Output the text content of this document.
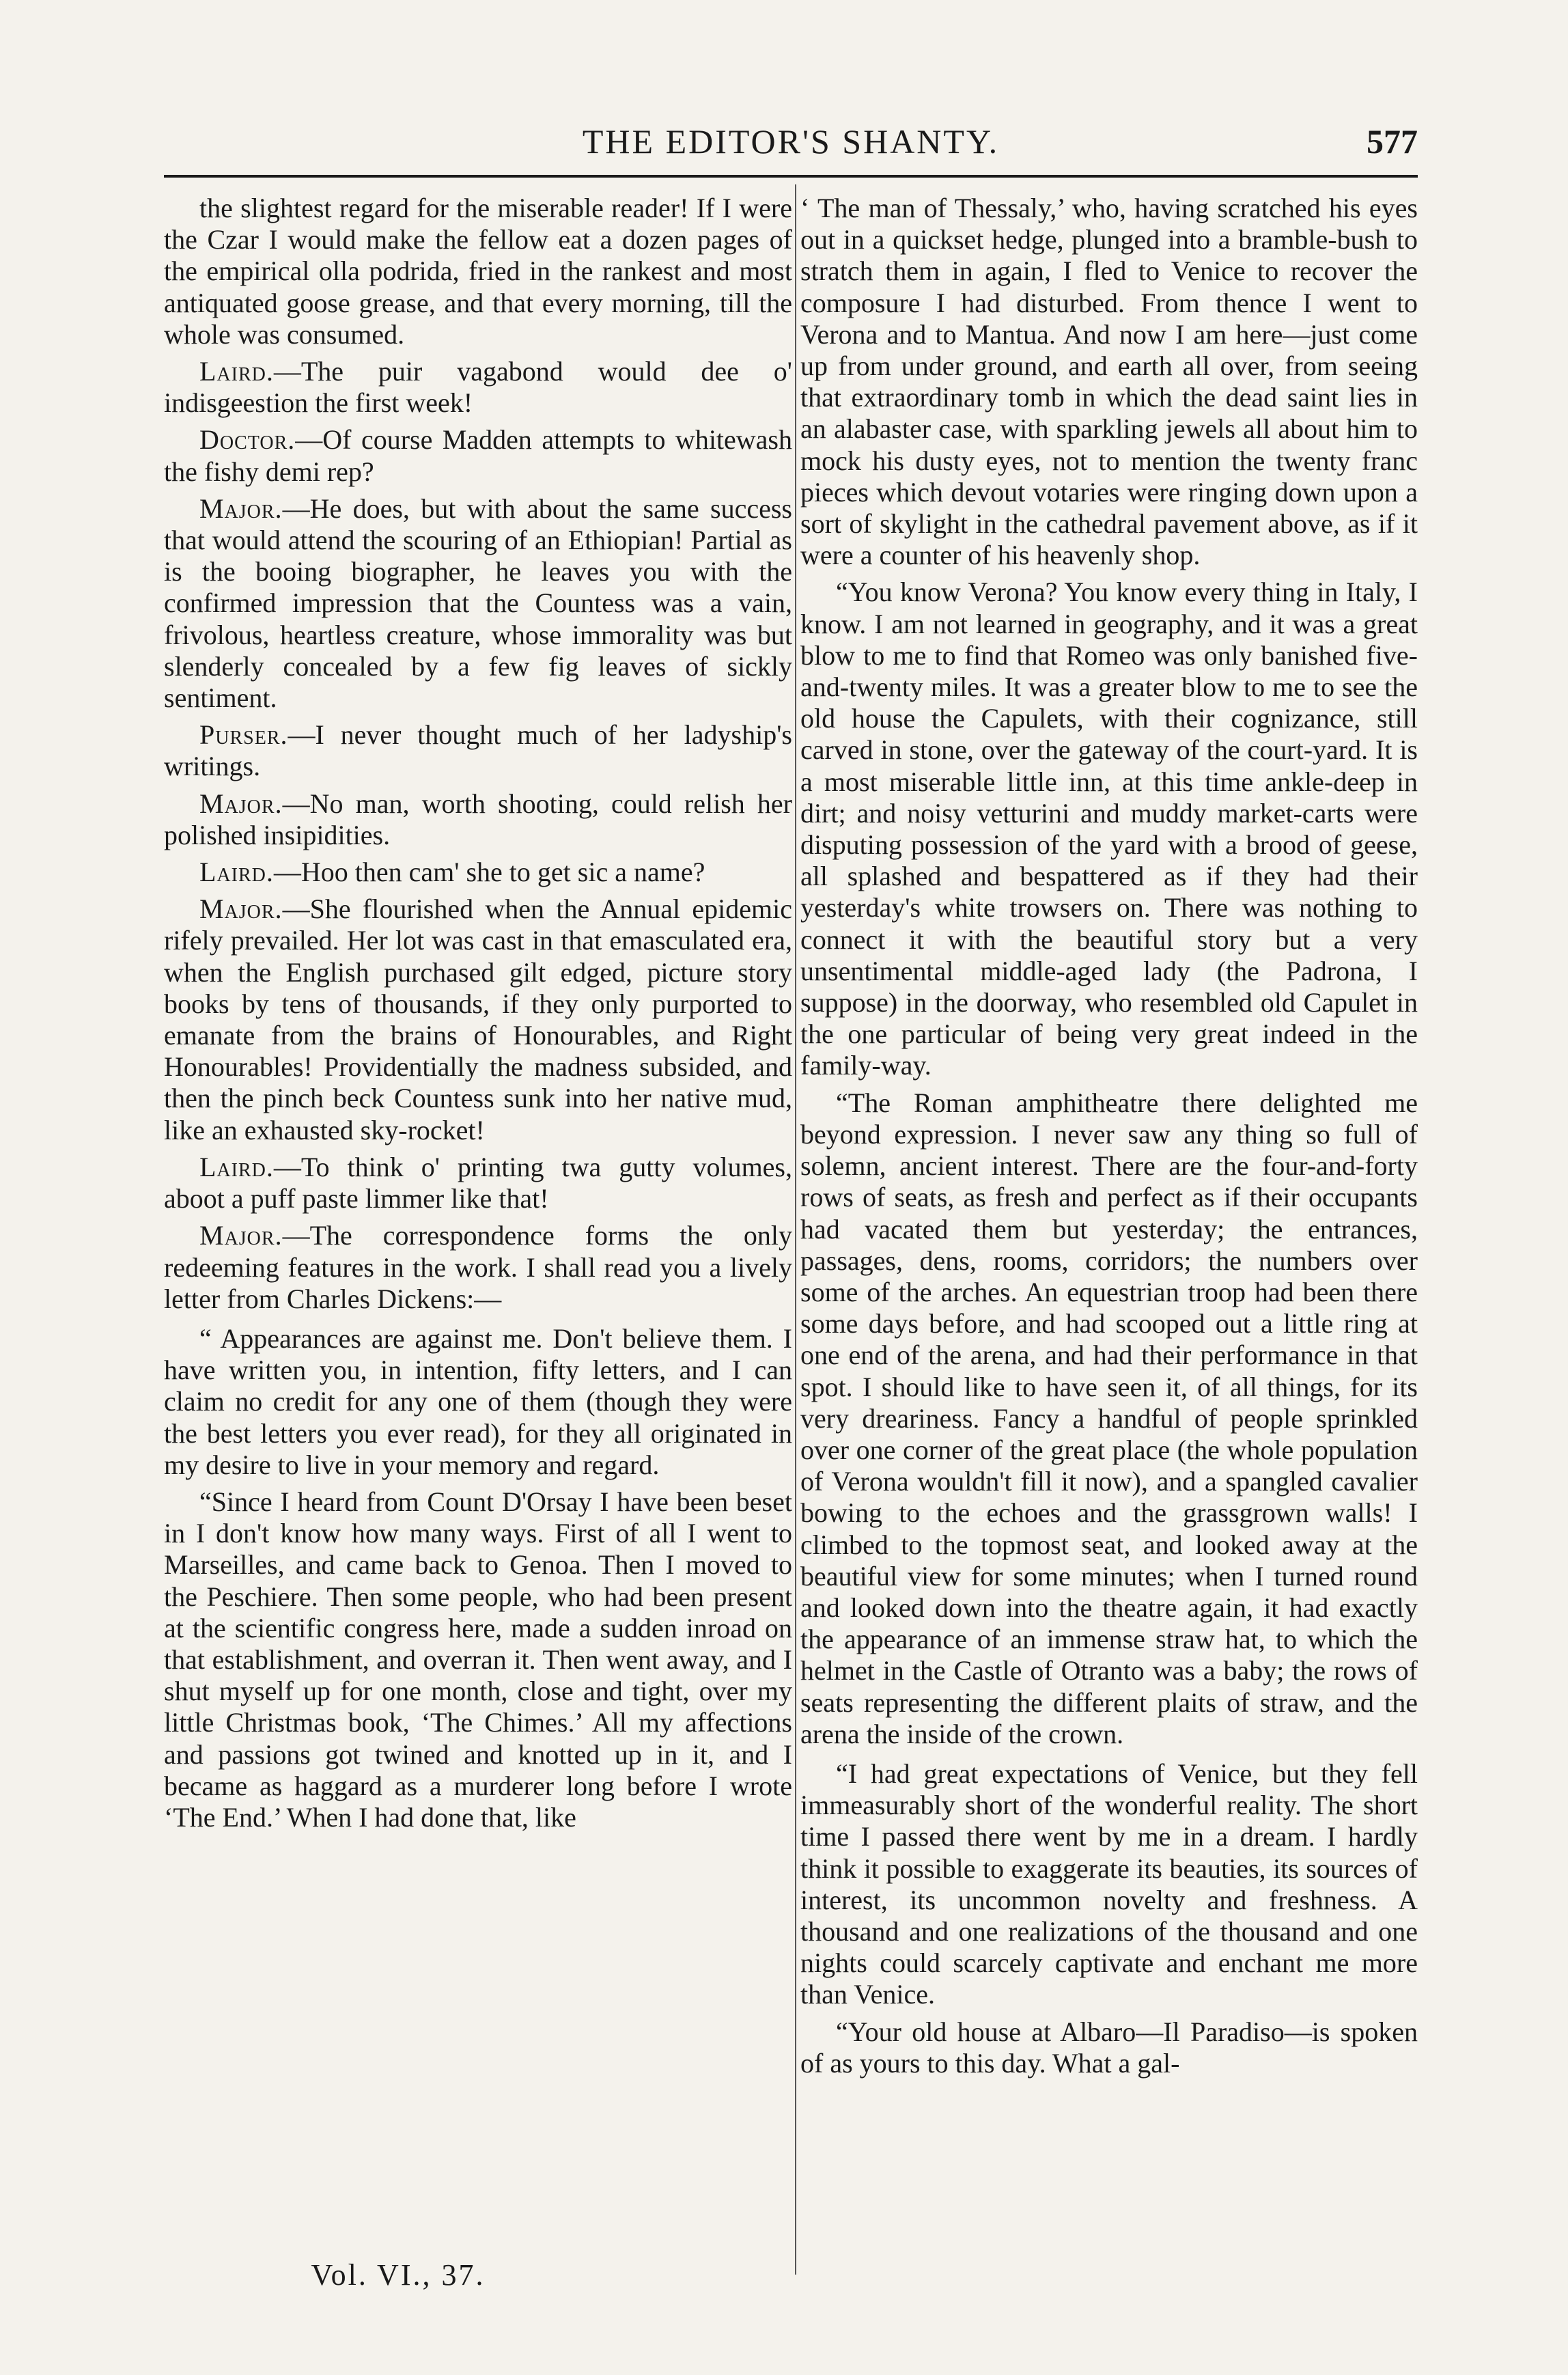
THE EDITOR'S SHANTY.	577

the slightest regard for the miserable reader! If I were the Czar I would make the fellow eat a dozen pages of the empirical olla podrida, fried in the rankest and most antiquated goose grease, and that every morning, till the whole was consumed.

Laird.—The puir vagabond would dee o' indisgeestion the first week!

Doctor.—Of course Madden attempts to whitewash the fishy demi rep?

Major.—He does, but with about the same success that would attend the scouring of an Ethiopian! Partial as is the booing biographer, he leaves you with the confirmed impression that the Countess was a vain, frivolous, heartless creature, whose immorality was but slenderly concealed by a few fig leaves of sickly sentiment.

Purser.—I never thought much of her ladyship's writings.

Major.—No man, worth shooting, could relish her polished insipidities.

Laird.—Hoo then cam' she to get sic a name?

Major.—She flourished when the Annual epidemic rifely prevailed. Her lot was cast in that emasculated era, when the English purchased gilt edged, picture story books by tens of thousands, if they only purported to emanate from the brains of Honourables, and Right Honourables! Providentially the madness subsided, and then the pinch beck Countess sunk into her native mud, like an exhausted sky-rocket!

Laird.—To think o' printing twa gutty volumes, aboot a puff paste limmer like that!

Major.—The correspondence forms the only redeeming features in the work. I shall read you a lively letter from Charles Dickens:—

“ Appearances are against me. Don't believe them. I have written you, in intention, fifty letters, and I can claim no credit for any one of them (though they were the best letters you ever read), for they all originated in my desire to live in your memory and regard.

“Since I heard from Count D'Orsay I have been beset in I don't know how many ways. First of all I went to Marseilles, and came back to Genoa. Then I moved to the Peschiere. Then some people, who had been present at the scientific congress here, made a sudden inroad on that establishment, and overran it. Then went away, and I shut myself up for one month, close and tight, over my little Christmas book, ‘The Chimes.’ All my affections and passions got twined and knotted up in it, and I became as haggard as a murderer long before I wrote ‘The End.’ When I had done that, like

‘ The man of Thessaly,’ who, having scratched his eyes out in a quickset hedge, plunged into a bramble-bush to stratch them in again, I fled to Venice to recover the composure I had disturbed. From thence I went to Verona and to Mantua. And now I am here—just come up from under ground, and earth all over, from seeing that extraordinary tomb in which the dead saint lies in an alabaster case, with sparkling jewels all about him to mock his dusty eyes, not to mention the twenty franc pieces which devout votaries were ringing down upon a sort of skylight in the cathedral pavement above, as if it were a counter of his heavenly shop.

“You know Verona? You know every thing in Italy, I know. I am not learned in geography, and it was a great blow to me to find that Romeo was only banished five-and-twenty miles. It was a greater blow to me to see the old house the Capulets, with their cognizance, still carved in stone, over the gateway of the court-yard. It is a most miserable little inn, at this time ankle-deep in dirt; and noisy vetturini and muddy market-carts were disputing possession of the yard with a brood of geese, all splashed and bespattered as if they had their yesterday's white trowsers on. There was nothing to connect it with the beautiful story but a very unsentimental middle-aged lady (the Padrona, I suppose) in the doorway, who resembled old Capulet in the one particular of being very great indeed in the family-way.

“The Roman amphitheatre there delighted me beyond expression. I never saw any thing so full of solemn, ancient interest. There are the four-and-forty rows of seats, as fresh and perfect as if their occupants had vacated them but yesterday; the entrances, passages, dens, rooms, corridors; the numbers over some of the arches. An equestrian troop had been there some days before, and had scooped out a little ring at one end of the arena, and had their performance in that spot. I should like to have seen it, of all things, for its very dreariness. Fancy a handful of people sprinkled over one corner of the great place (the whole population of Verona wouldn't fill it now), and a spangled cavalier bowing to the echoes and the grassgrown walls! I climbed to the topmost seat, and looked away at the beautiful view for some minutes; when I turned round and looked down into the theatre again, it had exactly the appearance of an immense straw hat, to which the helmet in the Castle of Otranto was a baby; the rows of seats representing the different plaits of straw, and the arena the inside of the crown.

“I had great expectations of Venice, but they fell immeasurably short of the wonderful reality. The short time I passed there went by me in a dream. I hardly think it possible to exaggerate its beauties, its sources of interest, its uncommon novelty and freshness. A thousand and one realizations of the thousand and one nights could scarcely captivate and enchant me more than Venice.

“Your old house at Albaro—Il Paradiso—is spoken of as yours to this day. What a gal-

Vol. VI., 37.
